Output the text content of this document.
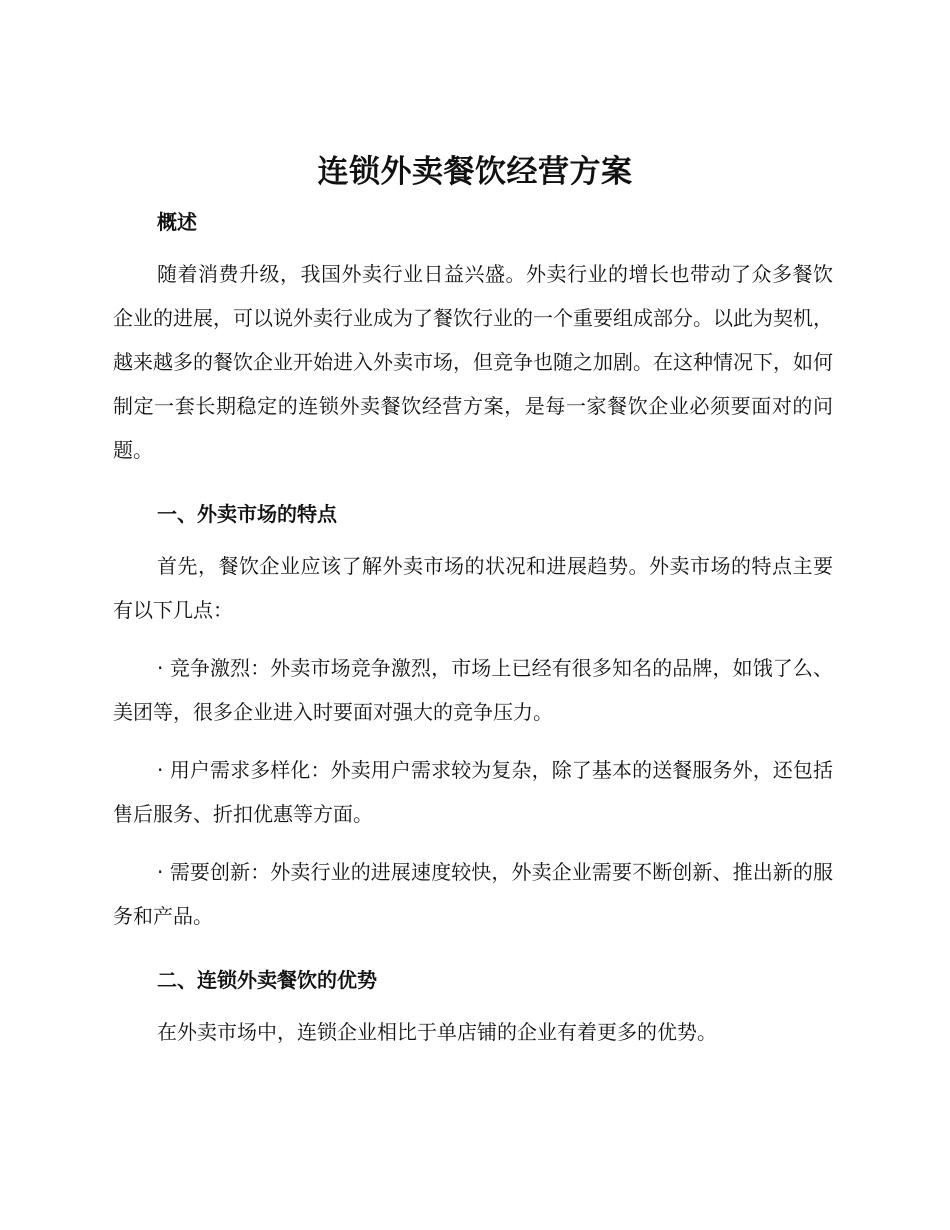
连锁外卖餐饮经营方案
概述

随着消费升级，我国外卖行业日益兴盛。外卖行业的增长也带动了众多餐饮企业的进展，可以说外卖行业成为了餐饮行业的一个重要组成部分。以此为契机，越来越多的餐饮企业开始进入外卖市场，但竞争也随之加剧。在这种情况下，如何制定一套长期稳定的连锁外卖餐饮经营方案，是每一家餐饮企业必须要面对的问题。

一、外卖市场的特点

首先，餐饮企业应该了解外卖市场的状况和进展趋势。外卖市场的特点主要有以下几点：

· 竞争激烈：外卖市场竞争激烈，市场上已经有很多知名的品牌，如饿了么、美团等，很多企业进入时要面对强大的竞争压力。

· 用户需求多样化：外卖用户需求较为复杂，除了基本的送餐服务外，还包括售后服务、折扣优惠等方面。

· 需要创新：外卖行业的进展速度较快，外卖企业需要不断创新、推出新的服务和产品。

二、连锁外卖餐饮的优势

在外卖市场中，连锁企业相比于单店铺的企业有着更多的优势。
